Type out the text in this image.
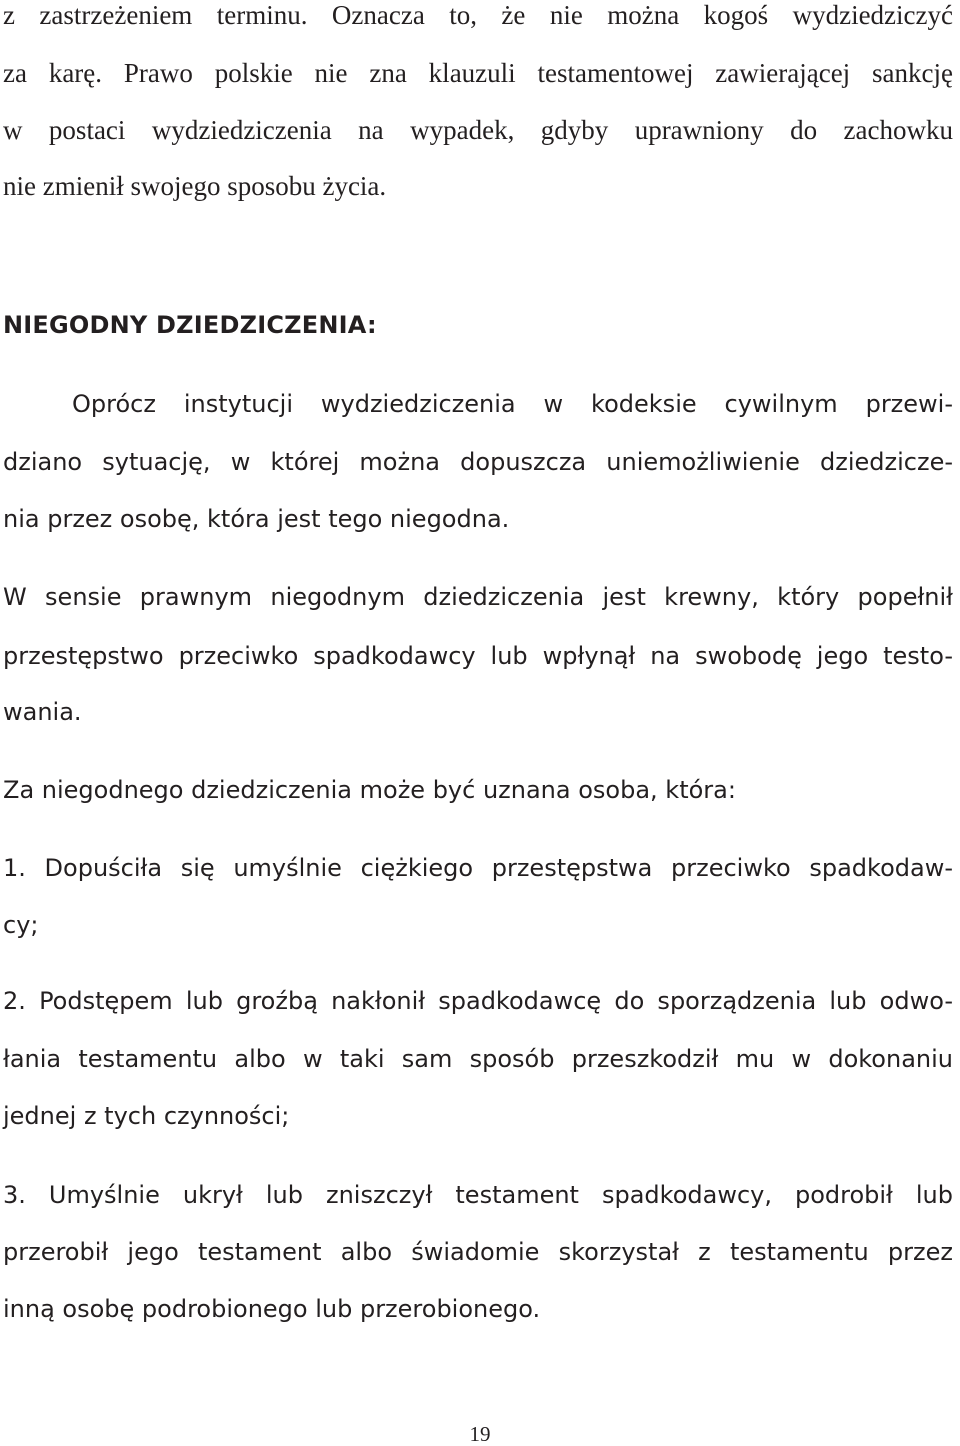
z zastrzeżeniem terminu. Oznacza to, że nie można kogoś wydziedziczyć
za karę. Prawo polskie nie zna klauzuli testamentowej zawierającej sankcję
w postaci wydziedziczenia na wypadek, gdyby uprawniony do zachowku
nie zmienił swojego sposobu życia.
NIEGODNY DZIEDZICZENIA:
Oprócz instytucji wydziedziczenia w kodeksie cywilnym przewi-
dziano sytuację, w której można dopuszcza uniemożliwienie dziedzicze-
nia przez osobę, która jest tego niegodna.
W sensie prawnym niegodnym dziedziczenia jest krewny, który popełnił
przestępstwo przeciwko spadkodawcy lub wpłynął na swobodę jego testo-
wania.
Za niegodnego dziedziczenia może być uznana osoba, która:
1. Dopuściła się umyślnie ciężkiego przestępstwa przeciwko spadkodaw-
cy;
2. Podstępem lub groźbą nakłonił spadkodawcę do sporządzenia lub odwo-
łania testamentu albo w taki sam sposób przeszkodził mu w dokonaniu
jednej z tych czynności;
3. Umyślnie ukrył lub zniszczył testament spadkodawcy, podrobił lub
przerobił jego testament albo świadomie skorzystał z testamentu przez
inną osobę podrobionego lub przerobionego.
19
